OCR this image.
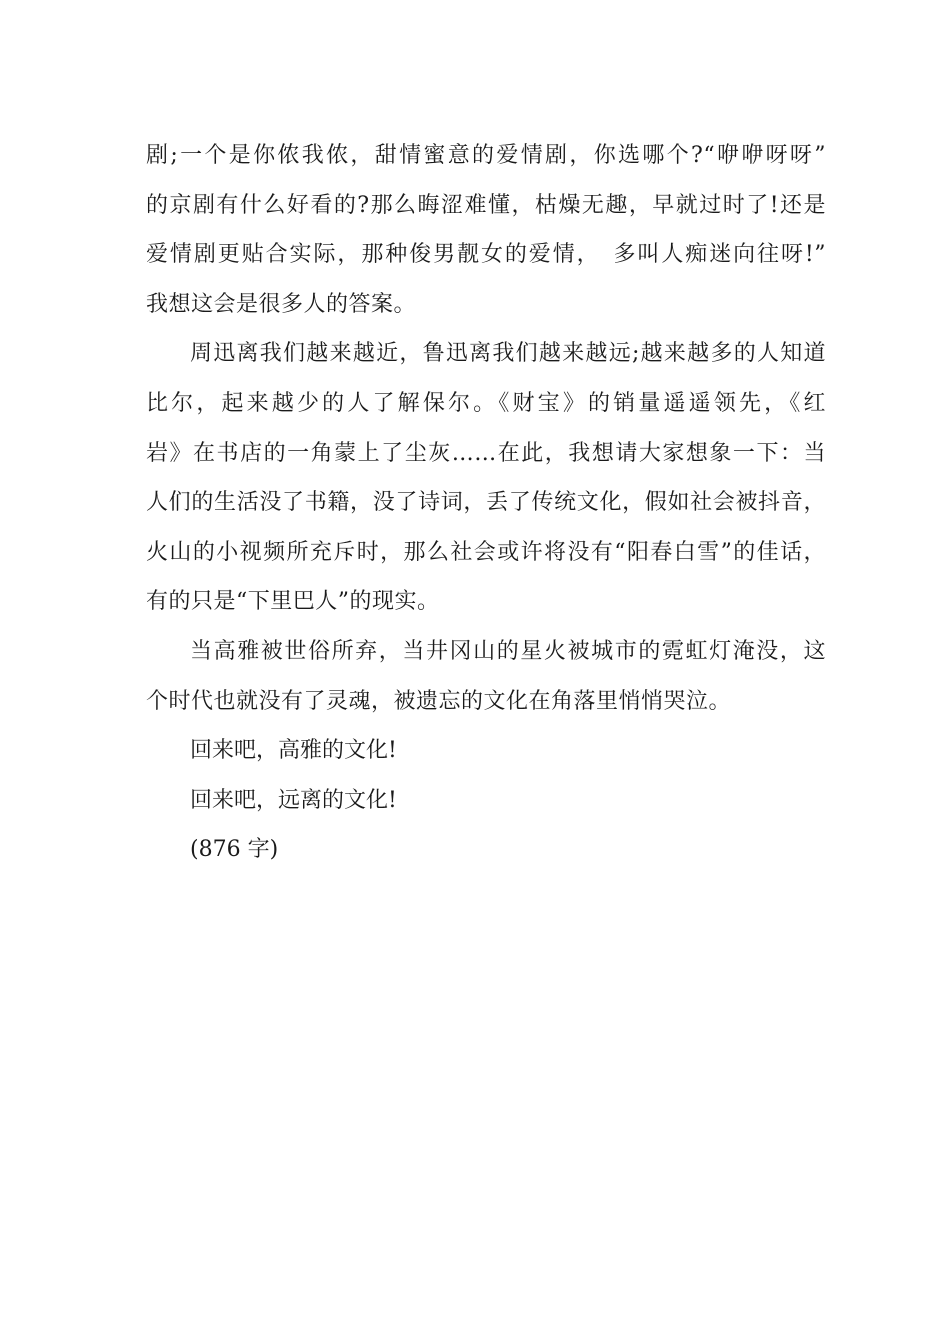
剧;一个是你侬我侬，甜情蜜意的爱情剧，你选哪个?“咿咿呀呀”
的京剧有什么好看的?那么晦涩难懂，枯燥无趣，早就过时了!还是
爱情剧更贴合实际，那种俊男靓女的爱情，　多叫人痴迷向往呀!”
我想这会是很多人的答案。
周迅离我们越来越近，鲁迅离我们越来越远;越来越多的人知道
比尔，起来越少的人了解保尔。《财宝》的销量遥遥领先，《红
岩》在书店的一角蒙上了尘灰……在此，我想请大家想象一下：当
人们的生活没了书籍，没了诗词，丢了传统文化，假如社会被抖音，
火山的小视频所充斥时，那么社会或许将没有“阳春白雪”的佳话，
有的只是“下里巴人”的现实。
当高雅被世俗所弃，当井冈山的星火被城市的霓虹灯淹没，这
个时代也就没有了灵魂，被遗忘的文化在角落里悄悄哭泣。
回来吧，高雅的文化!
回来吧，远离的文化!
(876 字)
